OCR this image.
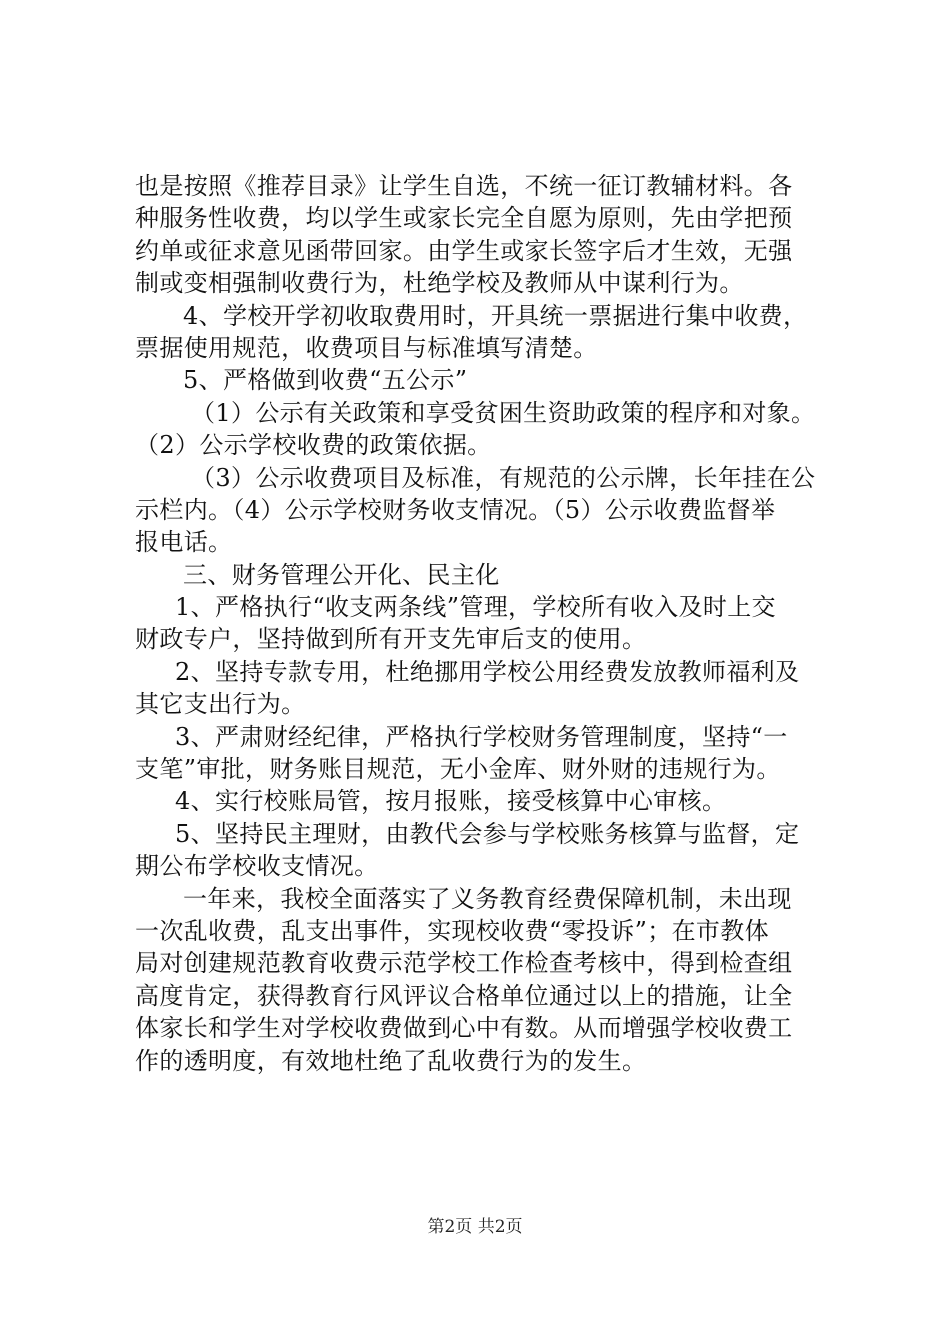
也是按照《推荐目录》让学生自选，不统一征订教辅材料。各
种服务性收费，均以学生或家长完全自愿为原则，先由学把预
约单或征求意见函带回家。由学生或家长签字后才生效，无强
制或变相强制收费行为，杜绝学校及教师从中谋利行为。
4、学校开学初收取费用时，开具统一票据进行集中收费，
票据使用规范，收费项目与标准填写清楚。
5、严格做到收费“五公示”
（1）公示有关政策和享受贫困生资助政策的程序和对象。
（2）公示学校收费的政策依据。
（3）公示收费项目及标准，有规范的公示牌，长年挂在公
示栏内。（4）公示学校财务收支情况。（5）公示收费监督举
报电话。
三、财务管理公开化、民主化
1、严格执行“收支两条线”管理，学校所有收入及时上交
财政专户，坚持做到所有开支先审后支的使用。
2、坚持专款专用，杜绝挪用学校公用经费发放教师福利及
其它支出行为。
3、严肃财经纪律，严格执行学校财务管理制度，坚持“一
支笔”审批，财务账目规范，无小金库、财外财的违规行为。
4、实行校账局管，按月报账，接受核算中心审核。
5、坚持民主理财，由教代会参与学校账务核算与监督，定
期公布学校收支情况。
一年来，我校全面落实了义务教育经费保障机制，未出现
一次乱收费，乱支出事件，实现校收费“零投诉”；在市教体
局对创建规范教育收费示范学校工作检查考核中，得到检查组
高度肯定，获得教育行风评议合格单位通过以上的措施，让全
体家长和学生对学校收费做到心中有数。从而增强学校收费工
作的透明度，有效地杜绝了乱收费行为的发生。
第2页 共2页
